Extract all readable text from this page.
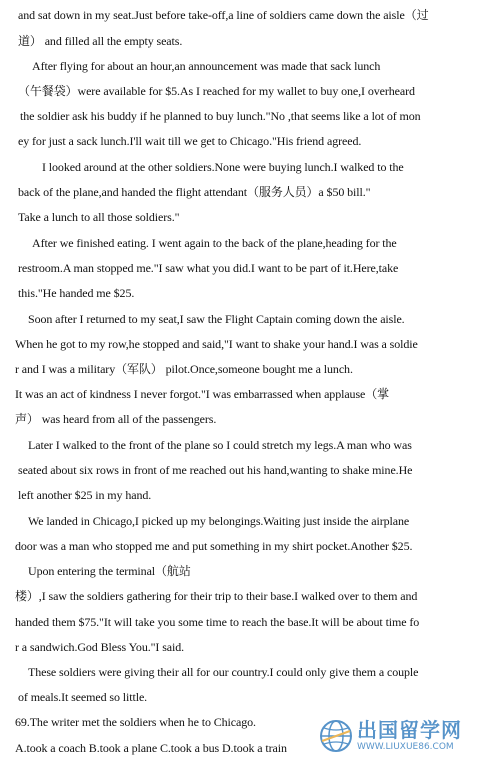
and sat down in my seat.Just before take-off,a line of soldiers came down the aisle（过
道） and filled all the empty seats.
After flying for about an hour,an announcement was made that sack lunch
（午餐袋）were available for $5.As I reached for my wallet to buy one,I overheard
the soldier ask his buddy if he planned to buy lunch."No ,that seems like a lot of mon
ey for just a sack lunch.I'll wait till we get to Chicago."His friend agreed.
I looked around at the other soldiers.None were buying lunch.I walked to the
back of the plane,and handed the flight attendant（服务人员）a $50 bill."
Take a lunch to all those soldiers."
After we finished eating. I went again to the back of the plane,heading for the
restroom.A man stopped me."I saw what you did.I want to be part of it.Here,take
this."He handed me $25.
Soon after I returned to my seat,I saw the Flight Captain coming down the aisle.
When he got to my row,he stopped and said,"I want to shake your hand.I was a soldie
r and I was a military（军队） pilot.Once,someone bought me a lunch.
It was an act of kindness I never forgot."I was embarrassed when applause（掌
声） was heard from all of the passengers.
Later I walked to the front of the plane so I could stretch my legs.A man who was
seated about six rows in front of me reached out his hand,wanting to shake mine.He
left another $25 in my hand.
We landed in Chicago,I picked up my belongings.Waiting just inside the airplane
door was a man who stopped me and put something in my shirt pocket.Another $25.
Upon entering the terminal（航站
楼）,I saw the soldiers gathering for their trip to their base.I walked over to them and
handed them $75."It will take you some time to reach the base.It will be about time fo
r a sandwich.God Bless You."I said.
These soldiers were giving their all for our country.I could only give them a couple
of meals.It seemed so little.
69.The writer met the soldiers when he to Chicago.
A.took a coach B.took a plane C.took a bus D.took a train
出国留学网
WWW.LIUXUE86.COM
